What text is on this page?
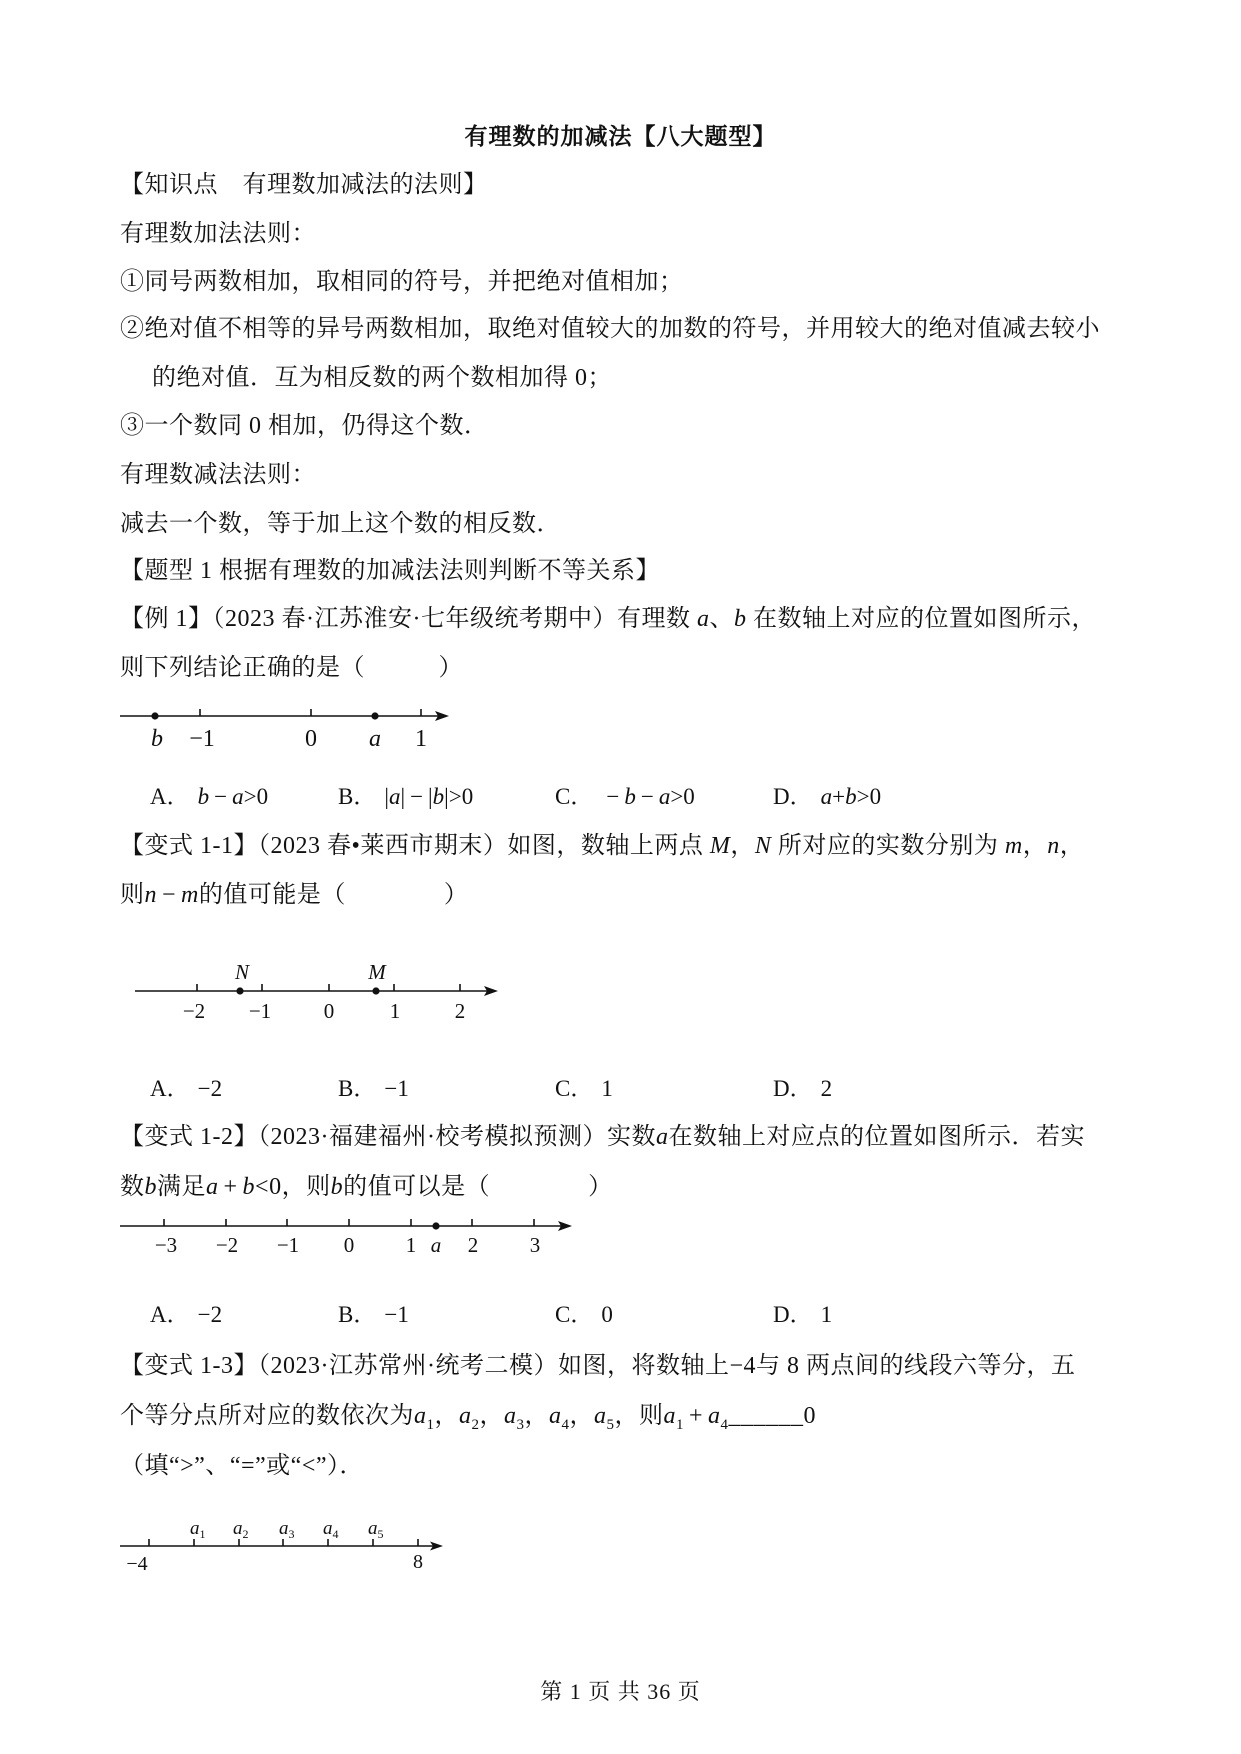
有理数的加减法【八大题型】
【知识点　有理数加减法的法则】
有理数加法法则：
①同号两数相加，取相同的符号，并把绝对值相加；
②绝对值不相等的异号两数相加，取绝对值较大的加数的符号，并用较大的绝对值减去较小
的绝对值．互为相反数的两个数相加得 0；
③一个数同 0 相加，仍得这个数．
有理数减法法则：
减去一个数，等于加上这个数的相反数．
【题型 1 根据有理数的加减法法则判断不等关系】
【例 1】（2023 春·江苏淮安·七年级统考期中）有理数 a 、 b 在数轴上对应的位置如图所示，
则下列结论正确的是（　　　）
b −1	0 a 1
A． b − a >0	B． | a | − | b |>0	C． − b − a >0	D． a + b >0
【变式 1-1】（2023 春•莱西市期末）如图，数轴上两点 M ， N 所对应的实数分别为 m ， n ，
则 n − m 的值可能是（　　　　）
N	M
−2 −1	0	1	2
A． −2	B． −1	C． 1	D． 2
【变式 1-2】（2023·福建福州·校考模拟预测）实数 a 在数轴上对应点的位置如图所示．若实
数 b 满足 a + b <0，则 b 的值可以是（　　　　）
−3 −2 −1 0 1 a 2 3
A． −2	B． −1	C． 0	D． 1
【变式 1-3】（2023·江苏常州·统考二模）如图，将数轴上−4与 8 两点间的线段六等分，五
个等分点所对应的数依次为 a 1 ， a 2 ， a 3 ， a 4 ， a 5 ，则 a 1 + a 4 ______ 0
（填“>”、“=”或“<”）．
$a_1$ $a_2$ $a_3$ $a_4$ $a_5$
−4	8
第 1 页 共 36 页
